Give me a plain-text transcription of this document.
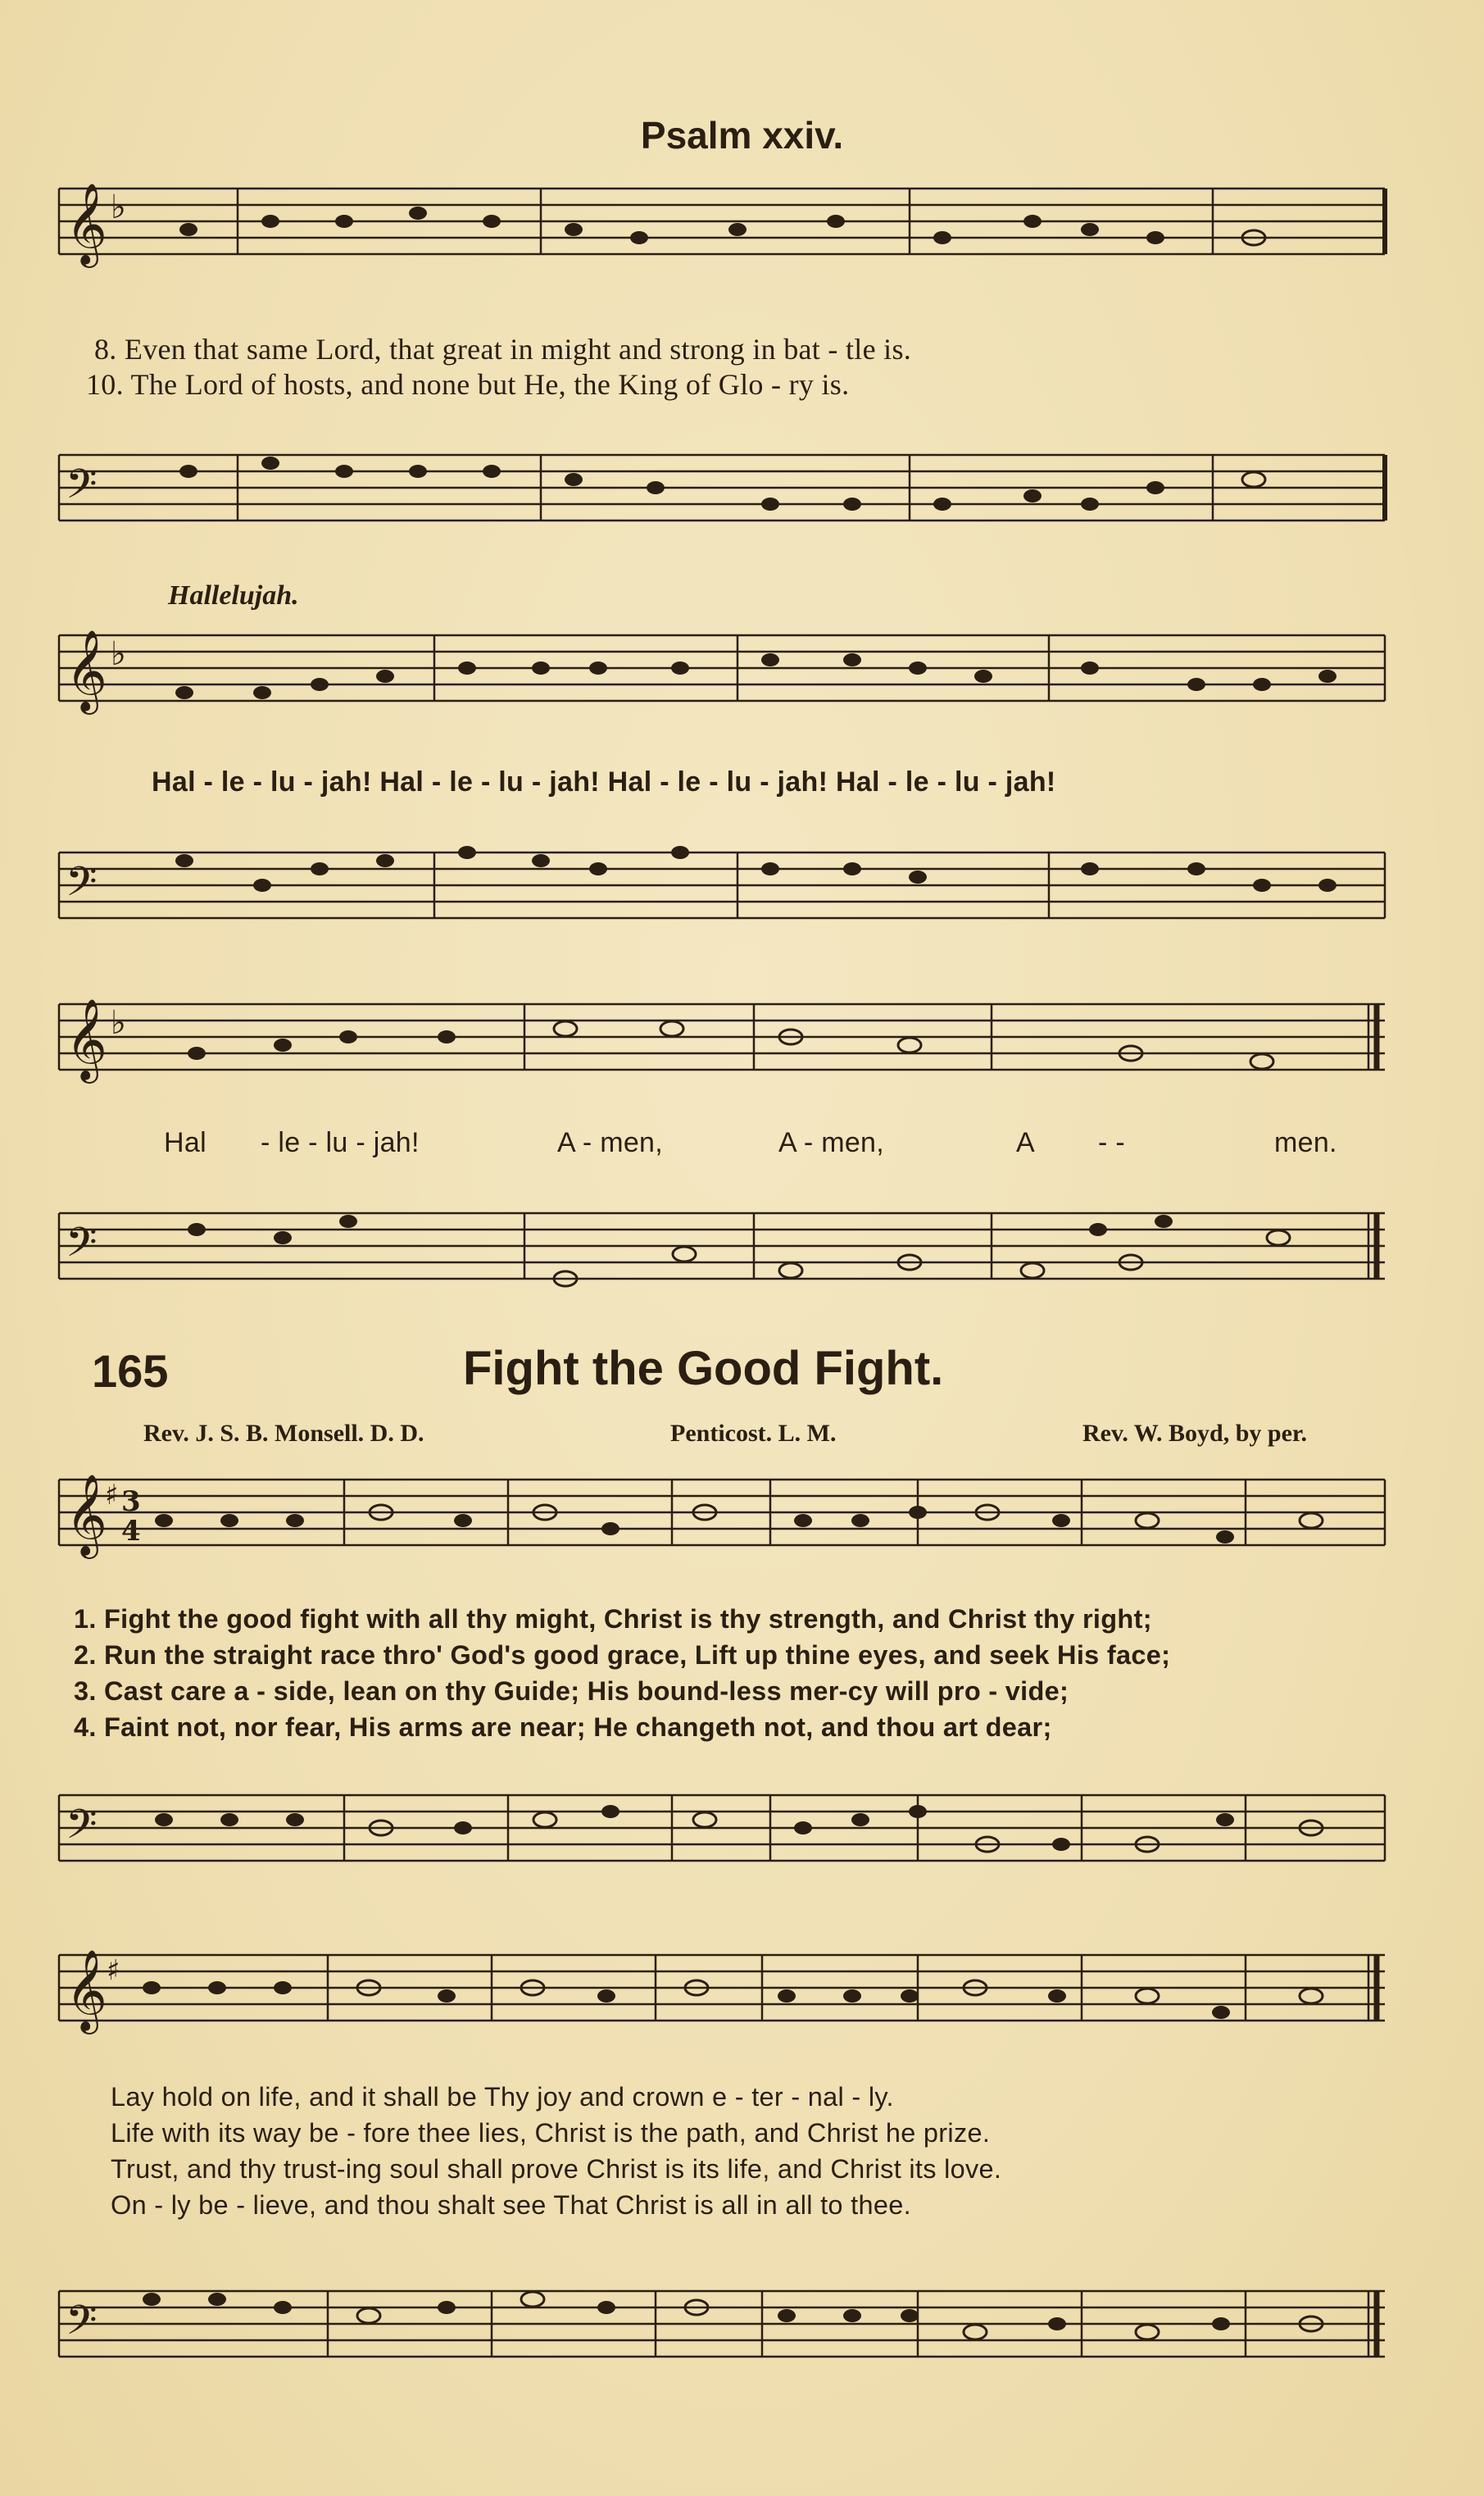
Psalm xxiv.
𝄞 ♭
8. Even that same Lord, that great in might and strong in bat - tle is.
10. The Lord of hosts, and none but He, the King of Glo - ry is.
𝄢
Hallelujah.
𝄞 ♭
Hal - le - lu - jah! Hal - le - lu - jah! Hal - le - lu - jah! Hal - le - lu - jah!
𝄢
𝄞 ♭
Hal - le - lu - jah!	A - men,	A - men,	A - -	men.
𝄢
165	Fight the Good Fight.
Rev. J. S. B. Monsell. D. D.	Penticost. L. M.	Rev. W. Boyd, by per.
𝄞
♯ 3
4
1. Fight the good fight with all thy might, Christ is thy strength, and Christ thy right;
2. Run the straight race thro' God's good grace, Lift up thine eyes, and seek His face;
3. Cast care a - side, lean on thy Guide; His bound-less mer-cy will pro - vide;
4. Faint not, nor fear, His arms are near; He changeth not, and thou art dear;
𝄢
𝄞 ♯
Lay hold on life, and it shall be Thy joy and crown e - ter - nal - ly.
Life with its way be - fore thee lies, Christ is the path, and Christ he prize.
Trust, and thy trust-ing soul shall prove Christ is its life, and Christ its love.
On - ly be - lieve, and thou shalt see That Christ is all in all to thee.
𝄢
